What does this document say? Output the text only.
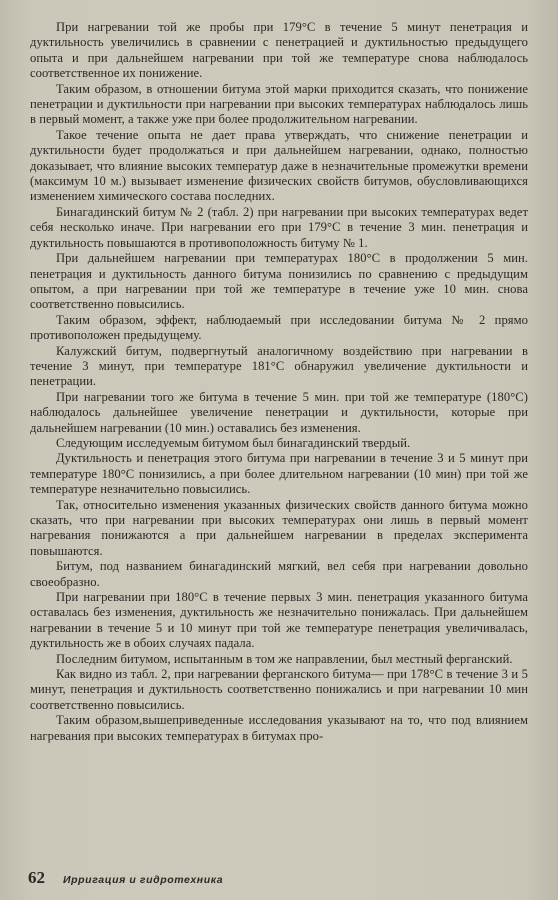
При нагревании той же пробы при 179°C в течение 5 минут пенетрация и дуктильность увеличились в сравнении с пенетрацией и дуктильностью предыдущего опыта и при дальнейшем нагревании при той же температуре снова наблюдалось соответственное их понижение.

Таким образом, в отношении битума этой марки приходится сказать, что понижение пенетрации и дуктильности при нагревании при высоких температурах наблюдалось лишь в первый момент, а также уже при более продолжительном нагревании.

Такое течение опыта не дает права утверждать, что снижение пенетрации и дуктильности будет продолжаться и при дальнейшем нагревании, однако, полностью доказывает, что влияние высоких температур даже в незначительные промежутки времени (максимум 10 м.) вызывает изменение физических свойств битумов, обусловливающихся изменением химического состава последних.

Бинагадинский битум № 2 (табл. 2) при нагревании при высоких температурах ведет себя несколько иначе. При нагревании его при 179°C в течение 3 мин. пенетрация и дуктильность повышаются в противоположность битуму № 1.

При дальнейшем нагревании при температурах 180°C в продолжении 5 мин. пенетрация и дуктильность данного битума понизились по сравнению с предыдущим опытом, а при нагревании при той же температуре в течение уже 10 мин. снова соответственно повысились.

Таким образом, эффект, наблюдаемый при исследовании битума № 2 прямо противоположен предыдущему.

Калужский битум, подвергнутый аналогичному воздействию при нагревании в течение 3 минут, при температуре 181°C обнаружил увеличение дуктильности и пенетрации.

При нагревании того же битума в течение 5 мин. при той же температуре (180°C) наблюдалось дальнейшее увеличение пенетрации и дуктильности, которые при дальнейшем нагревании (10 мин.) оставались без изменения.

Следующим исследуемым битумом был бинагадинский твердый.

Дуктильность и пенетрация этого битума при нагревании в течение 3 и 5 минут при температуре 180°C понизились, а при более длительном нагревании (10 мин) при той же температуре незначительно повысились.

Так, относительно изменения указанных физических свойств данного битума можно сказать, что при нагревании при высоких температурах они лишь в первый момент нагревания понижаются а при дальнейшем нагревании в пределах эксперимента повышаются.

Битум, под названием бинагадинский мягкий, вел себя при нагревании довольно своеобразно.

При нагревании при 180°C в течение первых 3 мин. пенетрация указанного битума оставалась без изменения, дуктильность же незначительно понижалась. При дальнейшем нагревании в течение 5 и 10 минут при той же температуре пенетрация увеличивалась, дуктильность же в обоих случаях падала.

Последним битумом, испытанным в том же направлении, был местный ферганский.

Как видно из табл. 2, при нагревании ферганского битума— при 178°C в течение 3 и 5 минут, пенетрация и дуктильность соответственно понижались и при нагревании 10 мин соответственно повысились.

Таким образом,вышеприведенные исследования указывают на то, что под влиянием нагревания при высоких температурах в битумах про-

62 Ирригация и гидротехника
